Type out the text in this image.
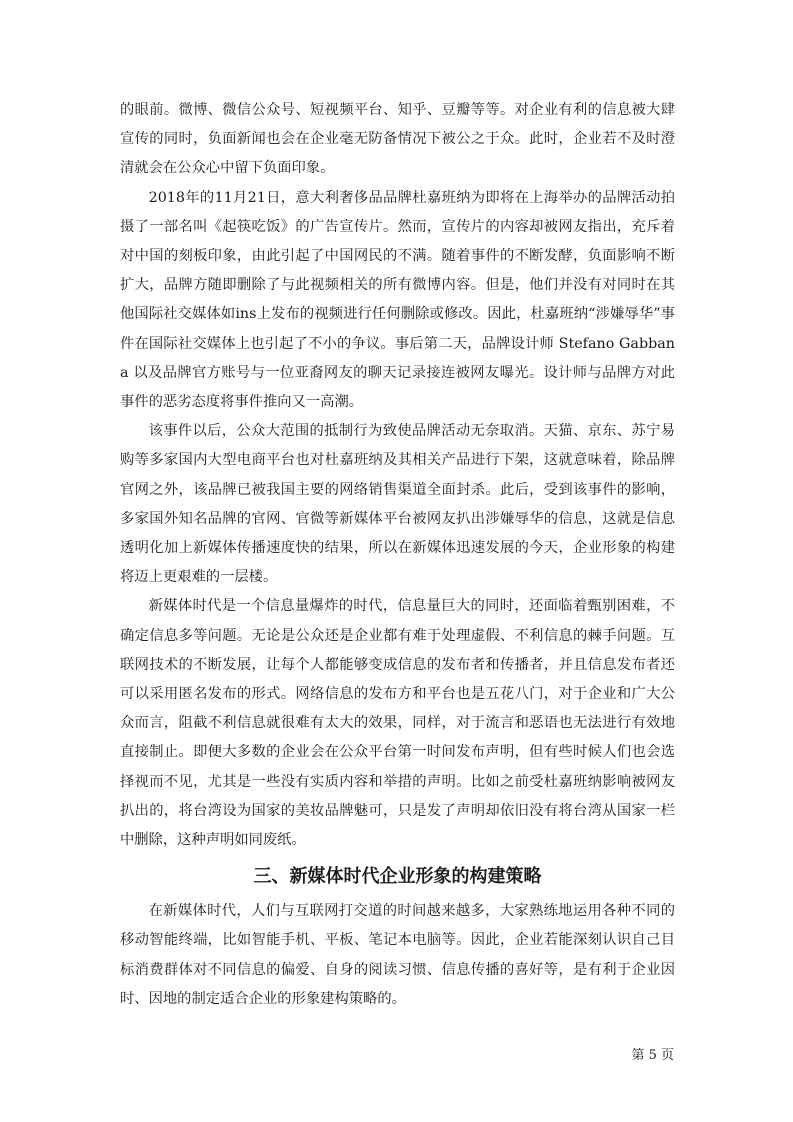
的眼前。微博、微信公众号、短视频平台、知乎、豆瓣等等。对企业有利的信息被大肆宣传的同时，负面新闻也会在企业毫无防备情况下被公之于众。此时，企业若不及时澄清就会在公众心中留下负面印象。

2018年的11月21日，意大利奢侈品品牌杜嘉班纳为即将在上海举办的品牌活动拍摄了一部名叫《起筷吃饭》的广告宣传片。然而，宣传片的内容却被网友指出，充斥着对中国的刻板印象，由此引起了中国网民的不满。随着事件的不断发酵，负面影响不断扩大，品牌方随即删除了与此视频相关的所有微博内容。但是，他们并没有对同时在其他国际社交媒体如ins上发布的视频进行任何删除或修改。因此，杜嘉班纳“涉嫌辱华”事件在国际社交媒体上也引起了不小的争议。事后第二天，品牌设计师 Stefano Gabbana 以及品牌官方账号与一位亚裔网友的聊天记录接连被网友曝光。设计师与品牌方对此事件的恶劣态度将事件推向又一高潮。

该事件以后，公众大范围的抵制行为致使品牌活动无奈取消。天猫、京东、苏宁易购等多家国内大型电商平台也对杜嘉班纳及其相关产品进行下架，这就意味着，除品牌官网之外，该品牌已被我国主要的网络销售渠道全面封杀。此后，受到该事件的影响，多家国外知名品牌的官网、官微等新媒体平台被网友扒出涉嫌辱华的信息，这就是信息透明化加上新媒体传播速度快的结果，所以在新媒体迅速发展的今天，企业形象的构建将迈上更艰难的一层楼。

新媒体时代是一个信息量爆炸的时代，信息量巨大的同时，还面临着甄别困难，不确定信息多等问题。无论是公众还是企业都有难于处理虚假、不利信息的棘手问题。互联网技术的不断发展，让每个人都能够变成信息的发布者和传播者，并且信息发布者还可以采用匿名发布的形式。网络信息的发布方和平台也是五花八门，对于企业和广大公众而言，阻截不利信息就很难有太大的效果，同样，对于流言和恶语也无法进行有效地直接制止。即便大多数的企业会在公众平台第一时间发布声明，但有些时候人们也会选择视而不见，尤其是一些没有实质内容和举措的声明。比如之前受杜嘉班纳影响被网友扒出的，将台湾设为国家的美妆品牌魅可，只是发了声明却依旧没有将台湾从国家一栏中删除，这种声明如同废纸。

三、新媒体时代企业形象的构建策略

在新媒体时代，人们与互联网打交道的时间越来越多，大家熟练地运用各种不同的移动智能终端，比如智能手机、平板、笔记本电脑等。因此，企业若能深刻认识自己目标消费群体对不同信息的偏爱、自身的阅读习惯、信息传播的喜好等，是有利于企业因时、因地的制定适合企业的形象建构策略的。

第 5 页
